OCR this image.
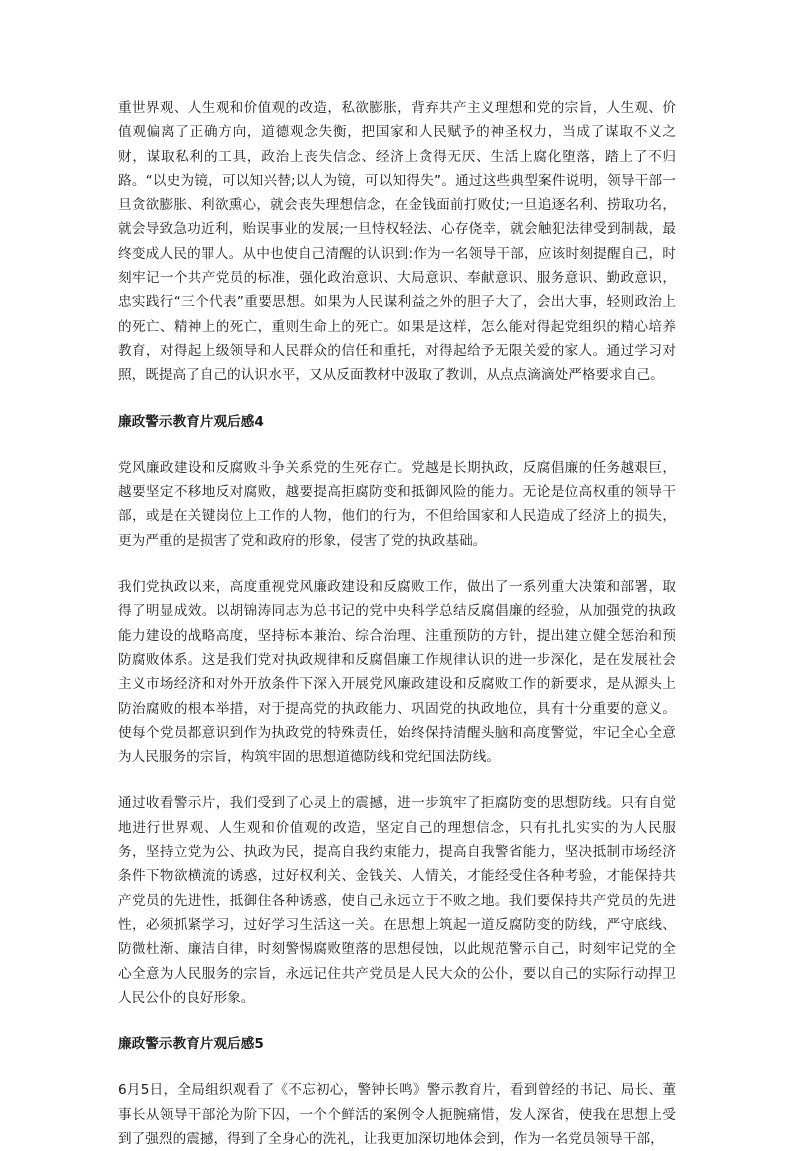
重世界观、人生观和价值观的改造，私欲膨胀，背弃共产主义理想和党的宗旨，人生观、价值观偏离了正确方向，道德观念失衡，把国家和人民赋予的神圣权力，当成了谋取不义之财，谋取私利的工具，政治上丧失信念、经济上贪得无厌、生活上腐化堕落，踏上了不归路。“以史为镜，可以知兴替;以人为镜，可以知得失”。通过这些典型案件说明，领导干部一旦贪欲膨胀、利欲熏心，就会丧失理想信念，在金钱面前打败仗;一旦追逐名利、捞取功名，就会导致急功近利，贻误事业的发展;一旦恃权轻法、心存侥幸，就会触犯法律受到制裁，最终变成人民的罪人。从中也使自己清醒的认识到:作为一名领导干部，应该时刻提醒自己，时刻牢记一个共产党员的标准，强化政治意识、大局意识、奉献意识、服务意识、勤政意识，忠实践行“三个代表”重要思想。如果为人民谋利益之外的胆子大了，会出大事，轻则政治上的死亡、精神上的死亡，重则生命上的死亡。如果是这样，怎么能对得起党组织的精心培养教育，对得起上级领导和人民群众的信任和重托，对得起给予无限关爱的家人。通过学习对照，既提高了自己的认识水平，又从反面教材中汲取了教训，从点点滴滴处严格要求自己。

廉政警示教育片观后感4

党风廉政建设和反腐败斗争关系党的生死存亡。党越是长期执政，反腐倡廉的任务越艰巨，越要坚定不移地反对腐败，越要提高拒腐防变和抵御风险的能力。无论是位高权重的领导干部，或是在关键岗位上工作的人物，他们的行为，不但给国家和人民造成了经济上的损失，更为严重的是损害了党和政府的形象，侵害了党的执政基础。

我们党执政以来，高度重视党风廉政建设和反腐败工作，做出了一系列重大决策和部署，取得了明显成效。以胡锦涛同志为总书记的党中央科学总结反腐倡廉的经验，从加强党的执政能力建设的战略高度，坚持标本兼治、综合治理、注重预防的方针，提出建立健全惩治和预防腐败体系。这是我们党对执政规律和反腐倡廉工作规律认识的进一步深化，是在发展社会主义市场经济和对外开放条件下深入开展党风廉政建设和反腐败工作的新要求，是从源头上防治腐败的根本举措，对于提高党的执政能力、巩固党的执政地位，具有十分重要的意义。使每个党员都意识到作为执政党的特殊责任，始终保持清醒头脑和高度警觉，牢记全心全意为人民服务的宗旨，构筑牢固的思想道德防线和党纪国法防线。

通过收看警示片，我们受到了心灵上的震撼，进一步筑牢了拒腐防变的思想防线。只有自觉地进行世界观、人生观和价值观的改造，坚定自己的理想信念，只有扎扎实实的为人民服务，坚持立党为公、执政为民，提高自我约束能力，提高自我警省能力，坚决抵制市场经济条件下物欲横流的诱惑，过好权利关、金钱关、人情关，才能经受住各种考验，才能保持共产党员的先进性，抵御住各种诱惑，使自己永远立于不败之地。我们要保持共产党员的先进性，必须抓紧学习，过好学习生活这一关。在思想上筑起一道反腐防变的防线，严守底线、防微杜渐、廉洁自律，时刻警惕腐败堕落的思想侵蚀，以此规范警示自己，时刻牢记党的全心全意为人民服务的宗旨，永远记住共产党员是人民大众的公仆，要以自己的实际行动捍卫人民公仆的良好形象。

廉政警示教育片观后感5

6月5日，全局组织观看了《不忘初心，警钟长鸣》警示教育片，看到曾经的书记、局长、董事长从领导干部沦为阶下囚，一个个鲜活的案例令人扼腕痛惜，发人深省，使我在思想上受到了强烈的震撼，得到了全身心的洗礼，让我更加深切地体会到，作为一名党员领导干部，
